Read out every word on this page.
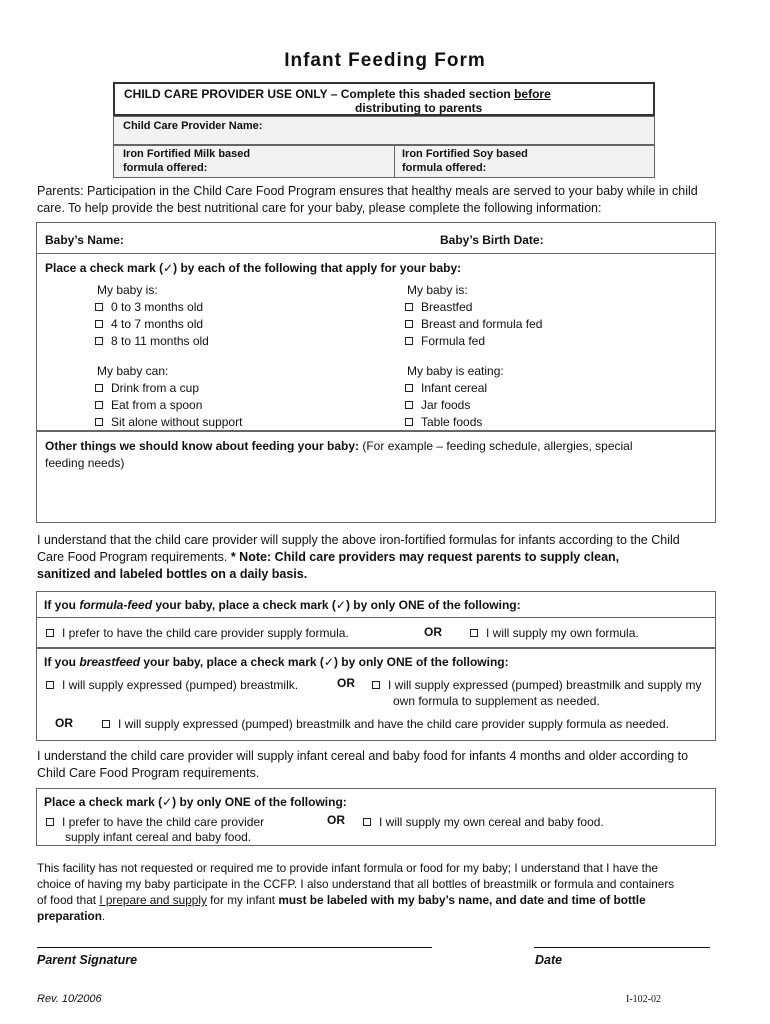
Infant Feeding Form
CHILD CARE PROVIDER USE ONLY – Complete this shaded section before
distributing to parents
Child Care Provider Name:
Iron Fortified Milk based
formula offered:
Iron Fortified Soy based
formula offered:
Parents: Participation in the Child Care Food Program ensures that healthy meals are served to your baby while in child
care. To help provide the best nutritional care for your baby, please complete the following information:
Baby’s Name:	Baby’s Birth Date:
Place a check mark (✓) by each of the following that apply for your baby:
My baby is:
0 to 3 months old
4 to 7 months old
8 to 11 months old
My baby is:
Breastfed
Breast and formula fed
Formula fed
My baby can:
Drink from a cup
Eat from a spoon
Sit alone without support
My baby is eating:
Infant cereal
Jar foods
Table foods
Other things we should know about feeding your baby: (For example – feeding schedule, allergies, special
feeding needs)
I understand that the child care provider will supply the above iron-fortified formulas for infants according to the Child
Care Food Program requirements. * Note: Child care providers may request parents to supply clean,
sanitized and labeled bottles on a daily basis.
If you formula-feed your baby, place a check mark (✓) by only ONE of the following:
I prefer to have the child care provider supply formula.	OR	I will supply my own formula.
If you breastfeed your baby, place a check mark (✓) by only ONE of the following:
I will supply expressed (pumped) breastmilk.	OR	I will supply expressed (pumped) breastmilk and supply my
own formula to supplement as needed.
OR	I will supply expressed (pumped) breastmilk and have the child care provider supply formula as needed.
I understand the child care provider will supply infant cereal and baby food for infants 4 months and older according to
Child Care Food Program requirements.
Place a check mark (✓) by only ONE of the following:
I prefer to have the child care provider
supply infant cereal and baby food.
OR	I will supply my own cereal and baby food.
This facility has not requested or required me to provide infant formula or food for my baby; I understand that I have the
choice of having my baby participate in the CCFP. I also understand that all bottles of breastmilk or formula and containers
of food that I prepare and supply for my infant must be labeled with my baby’s name, and date and time of bottle
preparation.
Parent Signature	Date
Rev. 10/2006	I-102-02
